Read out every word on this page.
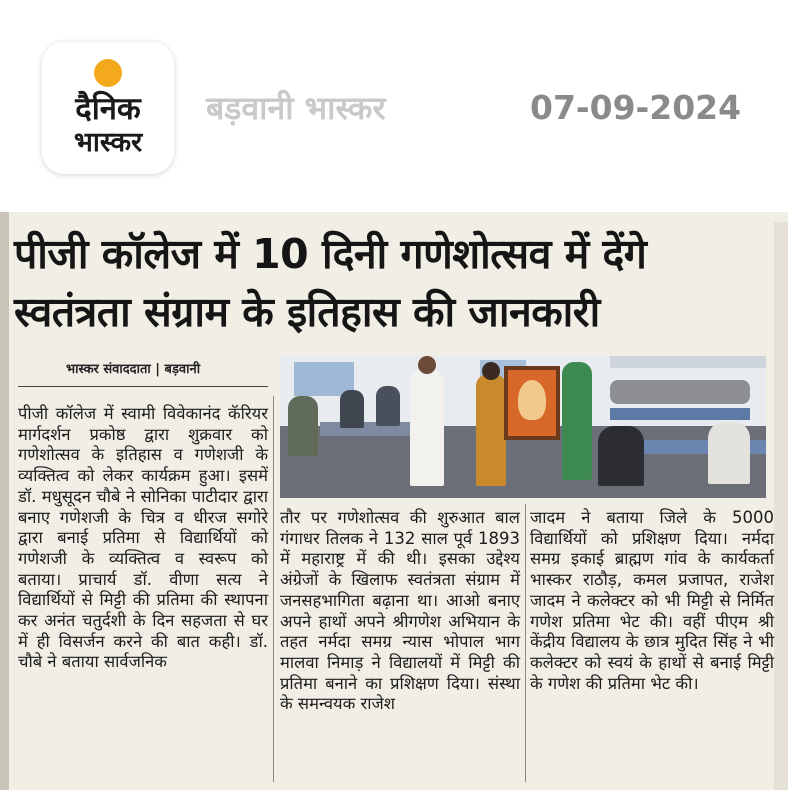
दैनिक
भास्कर
बड़वानी भास्कर	07-09-2024
पीजी कॉलेज में 10 दिनी गणेशोत्सव में देंगे
स्वतंत्रता संग्राम के इतिहास की जानकारी
भास्कर संवाददाता | बड़वानी

पीजी कॉलेज में स्वामी विवेकानंद कॅरियर मार्गदर्शन प्रकोष्ठ द्वारा शुक्रवार को गणेशोत्सव के इतिहास व गणेशजी के व्यक्तित्व को लेकर कार्यक्रम हुआ। इसमें डॉ. मधुसूदन चौबे ने सोनिका पाटीदार द्वारा बनाए गणेशजी के चित्र व धीरज सगोरे द्वारा बनाई प्रतिमा से विद्यार्थियों को गणेशजी के व्यक्तित्व व स्वरूप को बताया। प्राचार्य डॉ. वीणा सत्य ने विद्यार्थियों से मिट्टी की प्रतिमा की स्थापना कर अनंत चतुर्दशी के दिन सहजता से घर में ही विसर्जन करने की बात कही। डॉ. चौबे ने बताया सार्वजनिक

तौर पर गणेशोत्सव की शुरुआत बाल गंगाधर तिलक ने 132 साल पूर्व 1893 में महाराष्ट्र में की थी। इसका उद्देश्य अंग्रेजों के खिलाफ स्वतंत्रता संग्राम में जनसहभागिता बढ़ाना था। आओ बनाए अपने हाथों अपने श्रीगणेश अभियान के तहत नर्मदा समग्र न्यास भोपाल भाग मालवा निमाड़ ने विद्यालयों में मिट्टी की प्रतिमा बनाने का प्रशिक्षण दिया। संस्था के समन्वयक राजेश

जादम ने बताया जिले के 5000 विद्यार्थियों को प्रशिक्षण दिया। नर्मदा समग्र इकाई ब्राह्मण गांव के कार्यकर्ता भास्कर राठौड़, कमल प्रजापत, राजेश जादम ने कलेक्टर को भी मिट्टी से निर्मित गणेश प्रतिमा भेट की। वहीं पीएम श्री केंद्रीय विद्यालय के छात्र मुदित सिंह ने भी कलेक्टर को स्वयं के हाथों से बनाई मिट्टी के गणेश की प्रतिमा भेट की।
